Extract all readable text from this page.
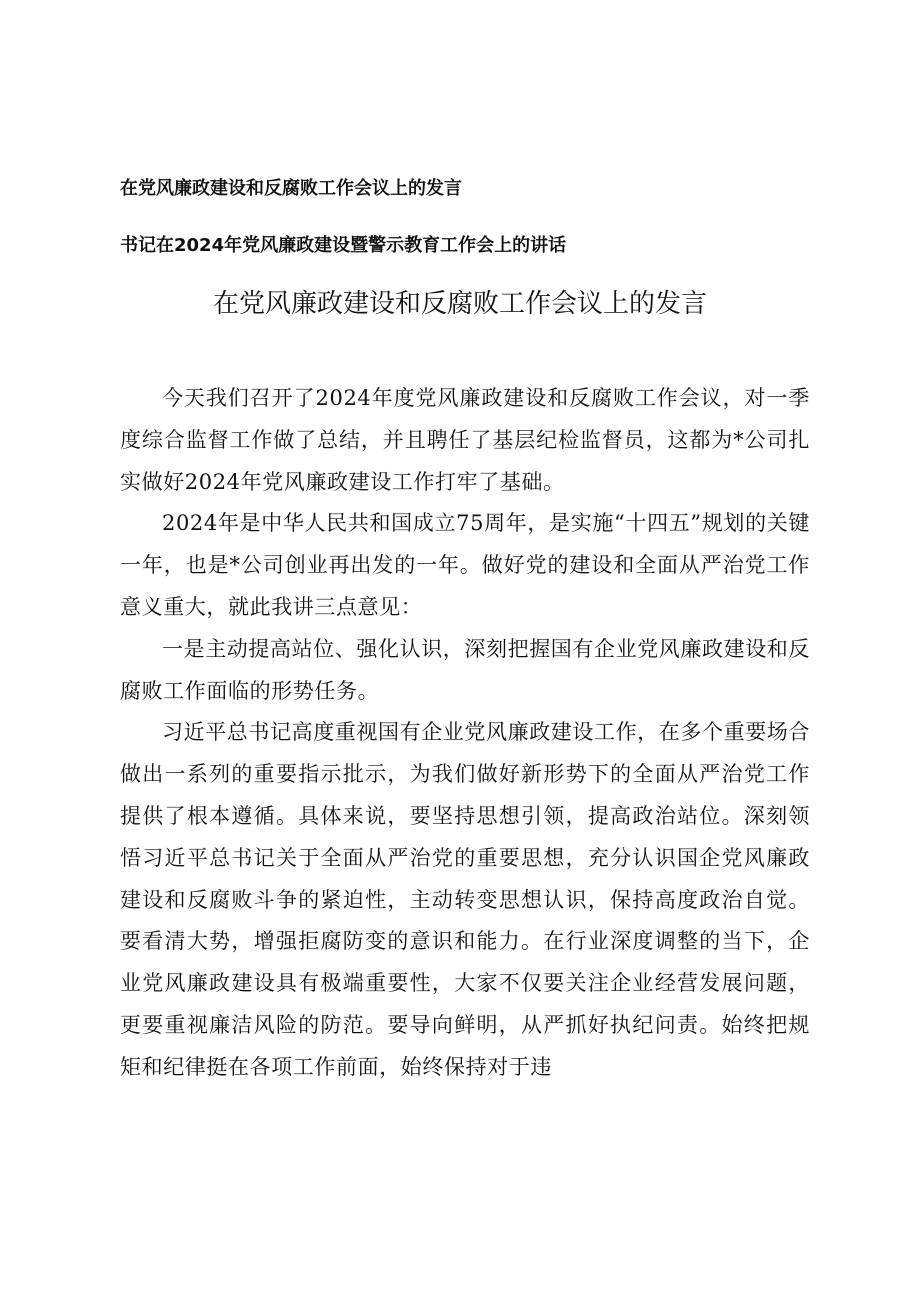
在党风廉政建设和反腐败工作会议上的发言
书记在2024年党风廉政建设暨警示教育工作会上的讲话
在党风廉政建设和反腐败工作会议上的发言

今天我们召开了2024年度党风廉政建设和反腐败工作会议，对一季度综合监督工作做了总结，并且聘任了基层纪检监督员，这都为*公司扎实做好2024年党风廉政建设工作打牢了基础。

2024年是中华人民共和国成立75周年，是实施“十四五”规划的关键一年，也是*公司创业再出发的一年。做好党的建设和全面从严治党工作意义重大，就此我讲三点意见：

一是主动提高站位、强化认识，深刻把握国有企业党风廉政建设和反腐败工作面临的形势任务。

习近平总书记高度重视国有企业党风廉政建设工作，在多个重要场合做出一系列的重要指示批示，为我们做好新形势下的全面从严治党工作提供了根本遵循。具体来说，要坚持思想引领，提高政治站位。深刻领悟习近平总书记关于全面从严治党的重要思想，充分认识国企党风廉政建设和反腐败斗争的紧迫性，主动转变思想认识，保持高度政治自觉。要看清大势，增强拒腐防变的意识和能力。在行业深度调整的当下，企业党风廉政建设具有极端重要性，大家不仅要关注企业经营发展问题，更要重视廉洁风险的防范。要导向鲜明，从严抓好执纪问责。始终把规矩和纪律挺在各项工作前面，始终保持对于违
